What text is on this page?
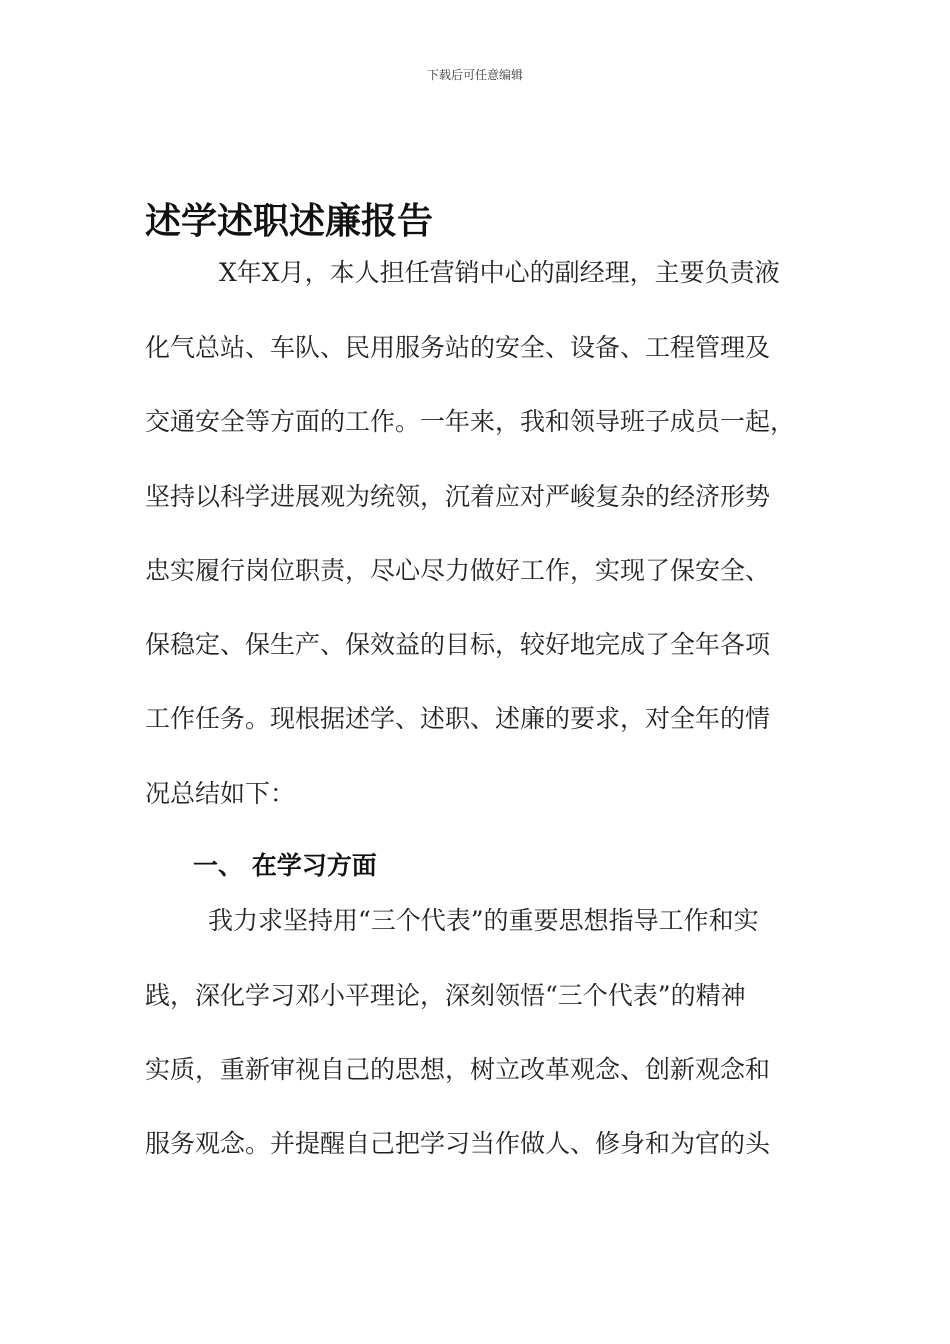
下载后可任意编辑
述学述职述廉报告
X年X月，本人担任营销中心的副经理，主要负责液
化气总站、车队、民用服务站的安全、设备、工程管理及
交通安全等方面的工作。一年来，我和领导班子成员一起，
坚持以科学进展观为统领，沉着应对严峻复杂的经济形势
忠实履行岗位职责，尽心尽力做好工作，实现了保安全、
保稳定、保生产、保效益的目标，较好地完成了全年各项
工作任务。现根据述学、述职、述廉的要求，对全年的情
况总结如下：
一、 在学习方面
我力求坚持用“三个代表”的重要思想指导工作和实
践，深化学习邓小平理论，深刻领悟“三个代表”的精神
实质，重新审视自己的思想，树立改革观念、创新观念和
服务观念。并提醒自己把学习当作做人、修身和为官的头
